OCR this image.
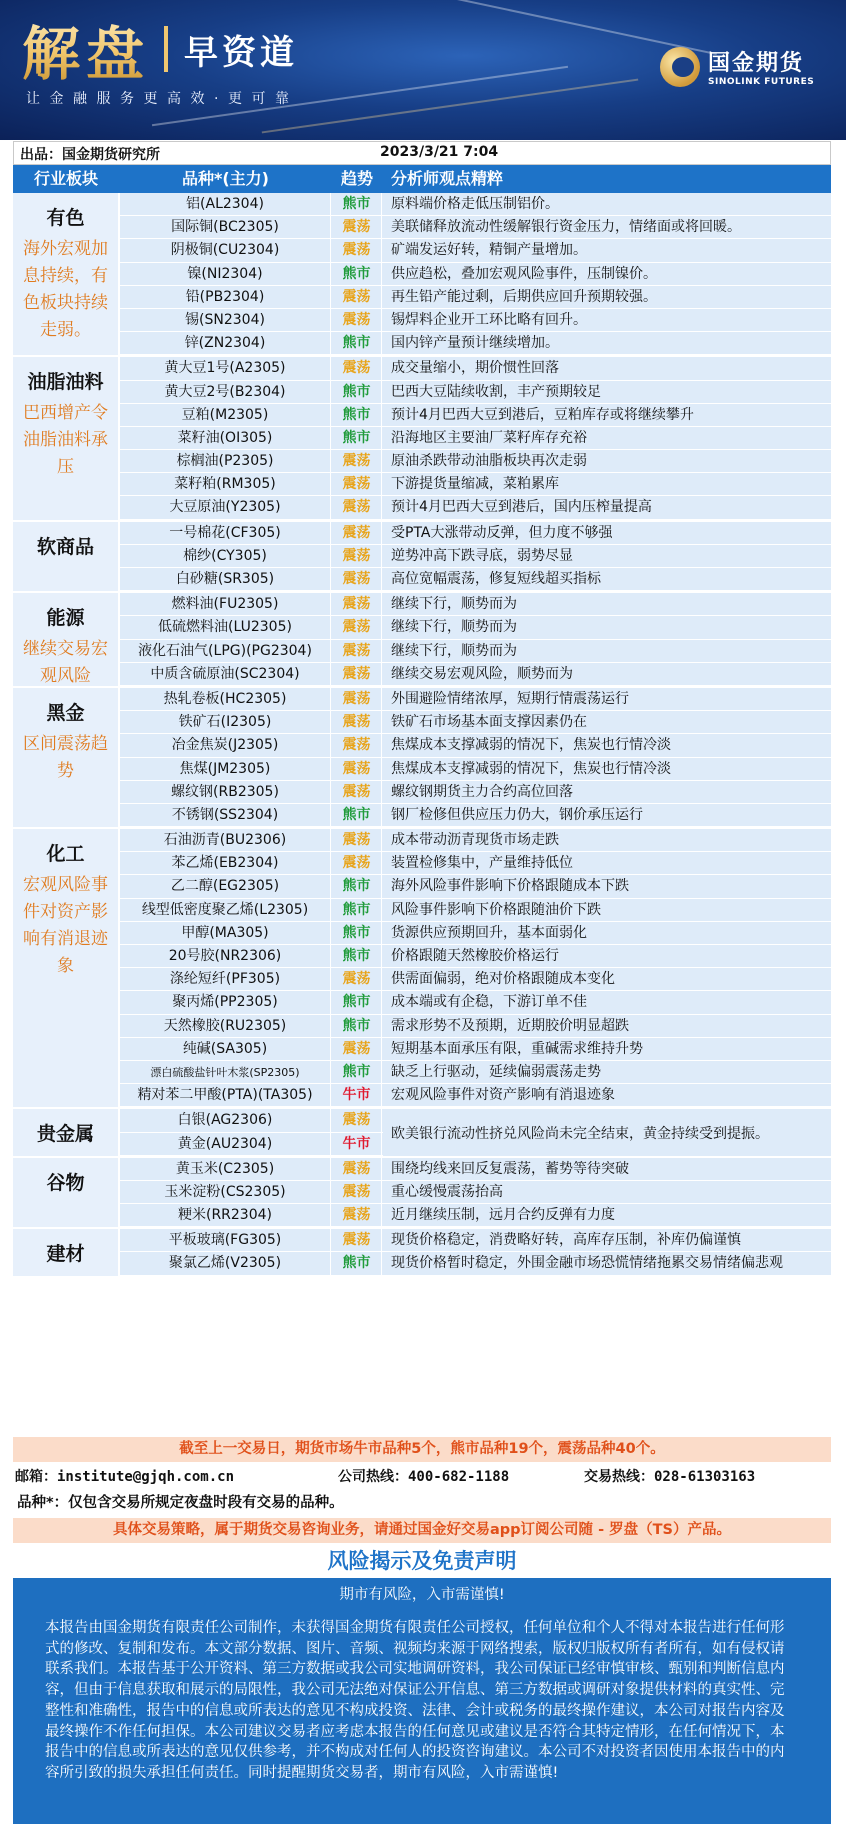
解盘 早资道
让金融服务更高效·更可靠
国金期货
SINOLINK FUTURES
出品：国金期货研究所	2023/3/21 7:04
行业板块	品种*(主力)	趋势	分析师观点精粹
有色
海外宏观加息持续，有色板块持续走弱。
铝(AL2304)	熊市	原料端价格走低压制铝价。
国际铜(BC2305)	震荡	美联储释放流动性缓解银行资金压力，情绪面或将回暖。
阴极铜(CU2304)	震荡	矿端发运好转，精铜产量增加。
镍(NI2304)	熊市	供应趋松，叠加宏观风险事件，压制镍价。
铅(PB2304)	震荡	再生铅产能过剩，后期供应回升预期较强。
锡(SN2304)	震荡	锡焊料企业开工环比略有回升。
锌(ZN2304)	熊市	国内锌产量预计继续增加。
油脂油料
巴西增产令油脂油料承压
黄大豆1号(A2305)	震荡	成交量缩小，期价惯性回落
黄大豆2号(B2304)	熊市	巴西大豆陆续收割，丰产预期较足
豆粕(M2305)	熊市	预计4月巴西大豆到港后，豆粕库存或将继续攀升
菜籽油(OI305)	熊市	沿海地区主要油厂菜籽库存充裕
棕榈油(P2305)	震荡	原油杀跌带动油脂板块再次走弱
菜籽粕(RM305)	震荡	下游提货量缩减，菜粕累库
大豆原油(Y2305)	震荡	预计4月巴西大豆到港后，国内压榨量提高
软商品
一号棉花(CF305)	震荡	受PTA大涨带动反弹，但力度不够强
棉纱(CY305)	震荡	逆势冲高下跌寻底，弱势尽显
白砂糖(SR305)	震荡	高位宽幅震荡，修复短线超买指标
能源
继续交易宏观风险
燃料油(FU2305)	震荡	继续下行，顺势而为
低硫燃料油(LU2305)	震荡	继续下行，顺势而为
液化石油气(LPG)(PG2304)	震荡	继续下行，顺势而为
中质含硫原油(SC2304)	震荡	继续交易宏观风险，顺势而为
黑金
区间震荡趋势
热轧卷板(HC2305)	震荡	外围避险情绪浓厚，短期行情震荡运行
铁矿石(I2305)	震荡	铁矿石市场基本面支撑因素仍在
冶金焦炭(J2305)	震荡	焦煤成本支撑减弱的情况下，焦炭也行情冷淡
焦煤(JM2305)	震荡	焦煤成本支撑减弱的情况下，焦炭也行情冷淡
螺纹钢(RB2305)	震荡	螺纹钢期货主力合约高位回落
不锈钢(SS2304)	熊市	钢厂检修但供应压力仍大，钢价承压运行
化工
宏观风险事件对资产影响有消退迹象
石油沥青(BU2306)	震荡	成本带动沥青现货市场走跌
苯乙烯(EB2304)	震荡	装置检修集中，产量维持低位
乙二醇(EG2305)	熊市	海外风险事件影响下价格跟随成本下跌
线型低密度聚乙烯(L2305)	熊市	风险事件影响下价格跟随油价下跌
甲醇(MA305)	熊市	货源供应预期回升，基本面弱化
20号胶(NR2306)	熊市	价格跟随天然橡胶价格运行
涤纶短纤(PF305)	震荡	供需面偏弱，绝对价格跟随成本变化
聚丙烯(PP2305)	熊市	成本端或有企稳，下游订单不佳
天然橡胶(RU2305)	熊市	需求形势不及预期，近期胶价明显超跌
纯碱(SA305)	震荡	短期基本面承压有限，重碱需求维持升势
漂白硫酸盐针叶木浆(SP2305)	熊市	缺乏上行驱动，延续偏弱震荡走势
精对苯二甲酸(PTA)(TA305)	牛市	宏观风险事件对资产影响有消退迹象
贵金属
白银(AG2306)	震荡
黄金(AU2304)	牛市
欧美银行流动性挤兑风险尚未完全结束，黄金持续受到提振。
谷物
黄玉米(C2305)	震荡	围绕均线来回反复震荡，蓄势等待突破
玉米淀粉(CS2305)	震荡	重心缓慢震荡抬高
粳米(RR2304)	震荡	近月继续压制，远月合约反弹有力度
建材
平板玻璃(FG305)	震荡	现货价格稳定，消费略好转，高库存压制，补库仍偏谨慎
聚氯乙烯(V2305)	熊市	现货价格暂时稳定，外围金融市场恐慌情绪拖累交易情绪偏悲观
截至上一交易日，期货市场牛市品种5个，熊市品种19个，震荡品种40个。
邮箱：institute@gjqh.com.cn	公司热线：400-682-1188	交易热线：028-61303163
品种*：仅包含交易所规定夜盘时段有交易的品种。
具体交易策略，属于期货交易咨询业务，请通过国金好交易app订阅公司随 - 罗盘（TS）产品。
风险揭示及免责声明
期市有风险，入市需谨慎!
本报告由国金期货有限责任公司制作，未获得国金期货有限责任公司授权，任何单位和个人不得对本报告进行任何形式的修改、复制和发布。本文部分数据、图片、音频、视频均来源于网络搜索，版权归版权所有者所有，如有侵权请联系我们。本报告基于公开资料、第三方数据或我公司实地调研资料，我公司保证已经审慎审核、甄别和判断信息内容，但由于信息获取和展示的局限性，我公司无法绝对保证公开信息、第三方数据或调研对象提供材料的真实性、完整性和准确性，报告中的信息或所表达的意见不构成投资、法律、会计或税务的最终操作建议，本公司对报告内容及最终操作不作任何担保。本公司建议交易者应考虑本报告的任何意见或建议是否符合其特定情形，在任何情况下，本报告中的信息或所表达的意见仅供参考，并不构成对任何人的投资咨询建议。本公司不对投资者因使用本报告中的内容所引致的损失承担任何责任。同时提醒期货交易者，期市有风险，入市需谨慎!
